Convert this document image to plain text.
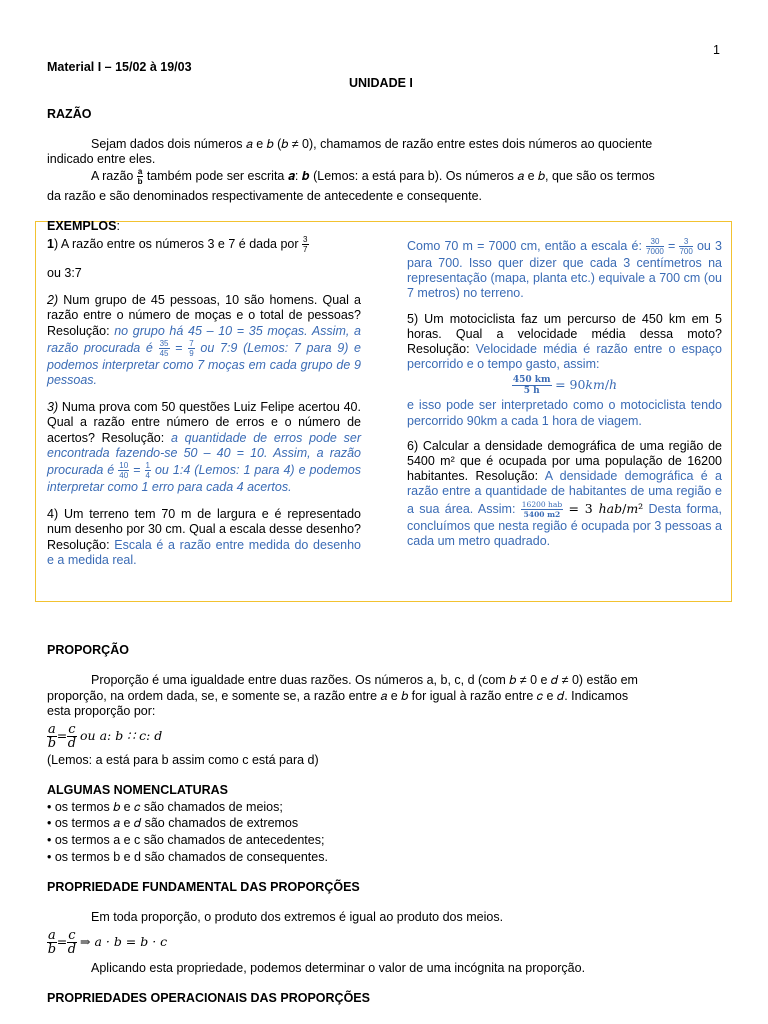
1
Material I – 15/02 à 19/03
UNIDADE I
RAZÃO
Sejam dados dois números 𝑎 e 𝑏 (𝑏 ≠ 0), chamamos de razão entre estes dois números ao quociente
indicado entre eles.
A razão $\frac{a}{b}$ também pode ser escrita 𝒂: 𝒃 (Lemos: a está para b). Os números 𝑎 e 𝑏, que são os termos
da razão e são denominados respectivamente de antecedente e consequente.
EXEMPLOS:

1) A razão entre os números 3 e 7 é dada por $\frac{3}{7}$

ou 3:7

2) Num grupo de 45 pessoas, 10 são homens. Qual a razão entre o número de moças e o total de pessoas? Resolução: no grupo há 45 – 10 = 35 moças. Assim, a razão procurada é $\frac{35}{45} = \frac{7}{9}$ ou 7:9 (Lemos: 7 para 9) e podemos interpretar como 7 moças em cada grupo de 9 pessoas.

3) Numa prova com 50 questões Luiz Felipe acertou 40. Qual a razão entre número de erros e o número de acertos? Resolução: a quantidade de erros pode ser encontrada fazendo-se 50 – 40 = 10. Assim, a razão procurada é $\frac{10}{40} = \frac{1}{4}$ ou 1:4 (Lemos: 1 para 4) e podemos interpretar como 1 erro para cada 4 acertos.

4) Um terreno tem 70 m de largura e é representado num desenho por 30 cm. Qual a escala desse desenho? Resolução: Escala é a razão entre medida do desenho e a medida real.

Como 70 m = 7000 cm, então a escala é: $\frac{30}{7000} = \frac{3}{700}$ ou 3 para 700. Isso quer dizer que cada 3 centímetros na representação (mapa, planta etc.) equivale a 700 cm (ou 7 metros) no terreno.

5) Um motociclista faz um percurso de 450 km em 5 horas. Qual a velocidade média dessa moto? Resolução: Velocidade média é razão entre o espaço percorrido e o tempo gasto, assim:

$\frac{450 km}{5 h}$ = 90𝑘𝑚/ℎ

e isso pode ser interpretado como o motociclista tendo percorrido 90km a cada 1 hora de viagem.

6) Calcular a densidade demográfica de uma região de 5400 m² que é ocupada por uma população de 16200 habitantes. Resolução: A densidade demográfica é a razão entre a quantidade de habitantes de uma região e a sua área. Assim: $\frac{\text{16200 hab}}{5400 m2} = 3$ ℎ𝑎𝑏/𝑚² Desta forma, concluímos que nesta região é ocupada por 3 pessoas a cada um metro quadrado.

PROPORÇÃO
Proporção é uma igualdade entre duas razões. Os números a, b, c, d (com 𝑏 ≠ 0 e 𝑑 ≠ 0) estão em
proporção, na ordem dada, se, e somente se, a razão entre 𝑎 e 𝑏 for igual à razão entre 𝑐 e 𝑑. Indicamos
esta proporção por:
$\frac{a}{b} = \frac{c}{d}$ ou a: b ∷ c: d
(Lemos: a está para b assim como c está para d)
ALGUMAS NOMENCLATURAS
• os termos 𝑏 e 𝑐 são chamados de meios;
• os termos 𝑎 e 𝑑 são chamados de extremos
• os termos a e c são chamados de antecedentes;
• os termos b e d são chamados de consequentes.
PROPRIEDADE FUNDAMENTAL DAS PROPORÇÕES
Em toda proporção, o produto dos extremos é igual ao produto dos meios.
$\frac{a}{b} = \frac{c}{d}$ ⇒ a · b = b · c
Aplicando esta propriedade, podemos determinar o valor de uma incógnita na proporção.
PROPRIEDADES OPERACIONAIS DAS PROPORÇÕES
